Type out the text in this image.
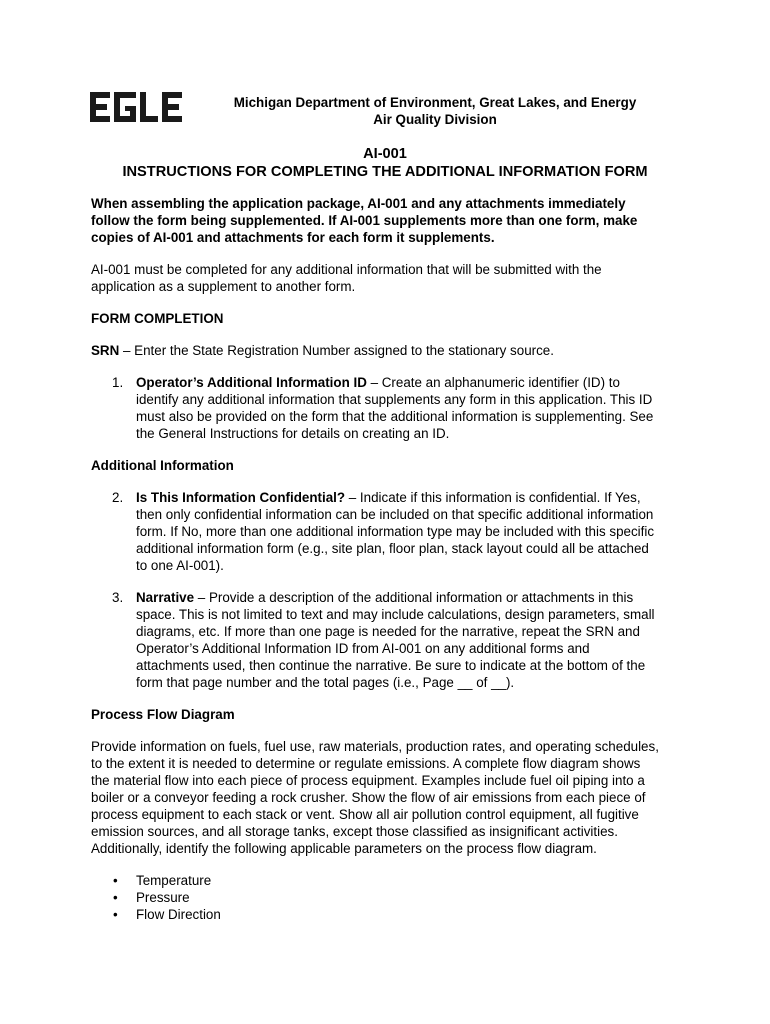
Michigan Department of Environment, Great Lakes, and Energy
Air Quality Division
AI-001
INSTRUCTIONS FOR COMPLETING THE ADDITIONAL INFORMATION FORM
When assembling the application package, AI-001 and any attachments immediately
follow the form being supplemented. If AI-001 supplements more than one form, make
copies of AI-001 and attachments for each form it supplements.
AI-001 must be completed for any additional information that will be submitted with the
application as a supplement to another form.
FORM COMPLETION
SRN – Enter the State Registration Number assigned to the stationary source.
1. Operator’s Additional Information ID – Create an alphanumeric identifier (ID) to
identify any additional information that supplements any form in this application. This ID
must also be provided on the form that the additional information is supplementing. See
the General Instructions for details on creating an ID.
Additional Information
2. Is This Information Confidential? – Indicate if this information is confidential. If Yes,
then only confidential information can be included on that specific additional information
form. If No, more than one additional information type may be included with this specific
additional information form (e.g., site plan, floor plan, stack layout could all be attached
to one AI-001).
3. Narrative – Provide a description of the additional information or attachments in this
space. This is not limited to text and may include calculations, design parameters, small
diagrams, etc. If more than one page is needed for the narrative, repeat the SRN and
Operator’s Additional Information ID from AI-001 on any additional forms and
attachments used, then continue the narrative. Be sure to indicate at the bottom of the
form that page number and the total pages (i.e., Page __ of __).
Process Flow Diagram
Provide information on fuels, fuel use, raw materials, production rates, and operating schedules,
to the extent it is needed to determine or regulate emissions. A complete flow diagram shows
the material flow into each piece of process equipment. Examples include fuel oil piping into a
boiler or a conveyor feeding a rock crusher. Show the flow of air emissions from each piece of
process equipment to each stack or vent. Show all air pollution control equipment, all fugitive
emission sources, and all storage tanks, except those classified as insignificant activities.
Additionally, identify the following applicable parameters on the process flow diagram.
• Temperature
• Pressure
• Flow Direction
